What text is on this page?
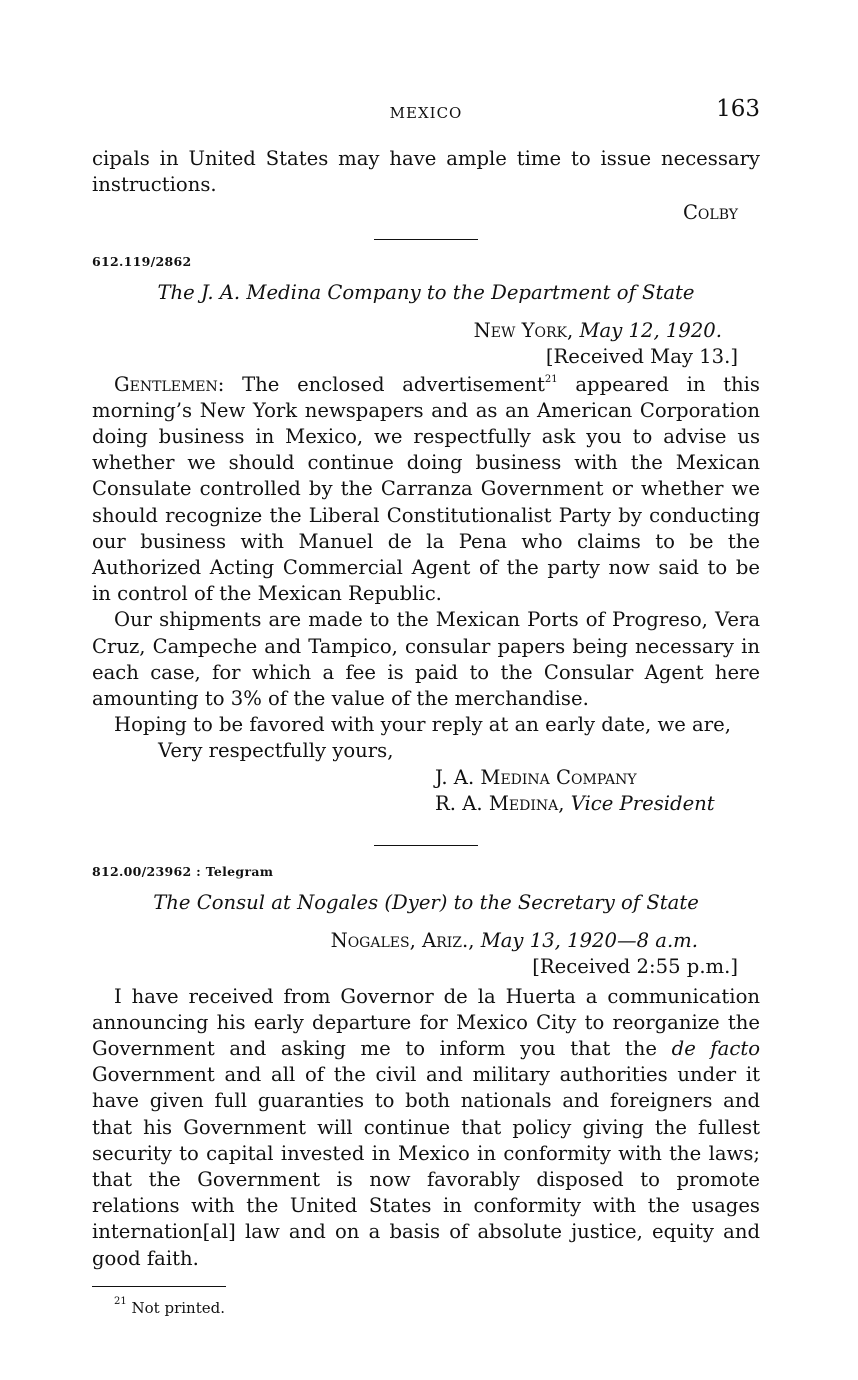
MEXICO	163

cipals in United States may have ample time to issue necessary instructions.

Colby

612.119/2862

The J. A. Medina Company to the Department of State

New York, May 12, 1920.

[Received May 13.]

Gentlemen: The enclosed advertisement$^{21}$ appeared in this morning’s New York newspapers and as an American Corporation doing business in Mexico, we respectfully ask you to advise us whether we should continue doing business with the Mexican Consulate controlled by the Carranza Government or whether we should recognize the Liberal Constitutionalist Party by conducting our business with Manuel de la Pena who claims to be the Authorized Acting Commercial Agent of the party now said to be in control of the Mexican Republic.

Our shipments are made to the Mexican Ports of Progreso, Vera Cruz, Campeche and Tampico, consular papers being necessary in each case, for which a fee is paid to the Consular Agent here amounting to 3% of the value of the merchandise.

Hoping to be favored with your reply at an early date, we are,

Very respectfully yours,

J. A. Medina Company

R. A. Medina, Vice President

812.00/23962 : Telegram

The Consul at Nogales (Dyer) to the Secretary of State

Nogales, Ariz., May 13, 1920—8 a.m.

[Received 2:55 p.m.]

I have received from Governor de la Huerta a communication announcing his early departure for Mexico City to reorganize the Government and asking me to inform you that the de facto Government and all of the civil and military authorities under it have given full guaranties to both nationals and foreigners and that his Government will continue that policy giving the fullest security to capital invested in Mexico in conformity with the laws; that the Government is now favorably disposed to promote relations with the United States in conformity with the usages internation[al] law and on a basis of absolute justice, equity and good faith.

$^{21}$ Not printed.
